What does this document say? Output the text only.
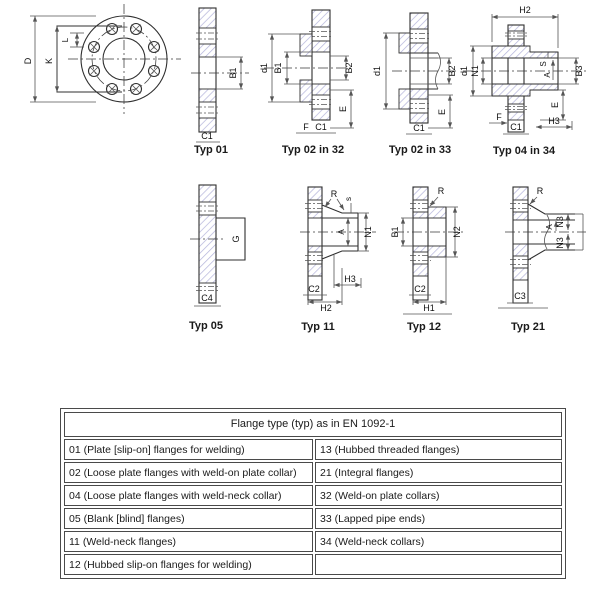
D K
L
B1
C1
d1 B1	B2
E
F C1
d1	B2
E
C1
H2
d1 N1
S
A B3
E
F	H3
C1
G
C4
R s
A N1
H3
C2
H2
R
B1	N2
C2
H1
R
A N3
N3
C3
Typ 01	Typ 02 in 32	Typ 02 in 33	Typ 04 in 34
Typ 05	Typ 11	Typ 12	Typ 21
Flange type (typ) as in EN 1092-1
01 (Plate [slip-on] flanges for welding)	13 (Hubbed threaded flanges)
02 (Loose plate flanges with weld-on plate collar)	21 (Integral flanges)
04 (Loose plate flanges with weld-neck collar)	32 (Weld-on plate collars)
05 (Blank [blind] flanges)	33 (Lapped pipe ends)
11 (Weld-neck flanges)	34 (Weld-neck collars)
12 (Hubbed slip-on flanges for welding)
